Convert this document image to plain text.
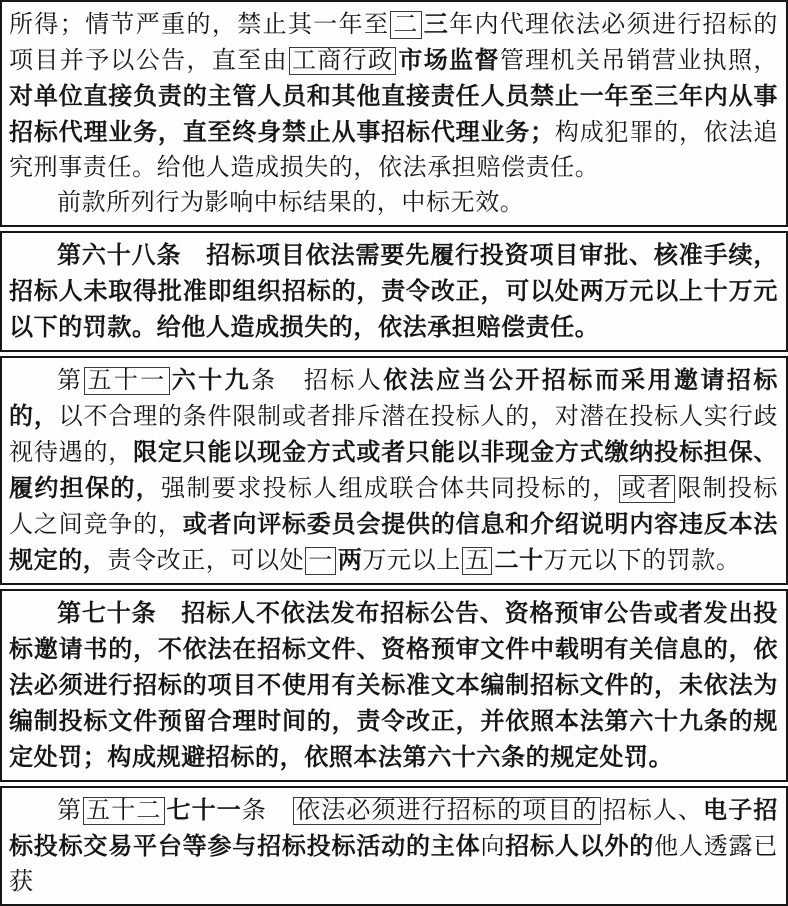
所得；情节严重的，禁止其一年至 二 三年内代理依法必须进行招标的项目并予以公告，直至由 工商行政 市场监督管理机关吊销营业执照，对单位直接负责的主管人员和其他直接责任人员禁止一年至三年内从事招标代理业务，直至终身禁止从事招标代理业务；构成犯罪的，依法追究刑事责任。给他人造成损失的，依法承担赔偿责任。

前款所列行为影响中标结果的，中标无效。

第六十八条　招标项目依法需要先履行投资项目审批、核准手续，招标人未取得批准即组织招标的，责令改正，可以处两万元以上十万元以下的罚款。给他人造成损失的，依法承担赔偿责任。

第 五十一 六十九条　招标人依法应当公开招标而采用邀请招标的，以不合理的条件限制或者排斥潜在投标人的，对潜在投标人实行歧视待遇的，限定只能以现金方式或者只能以非现金方式缴纳投标担保、履约担保的，强制要求投标人组成联合体共同投标的， 或者 限制投标人之间竞争的，或者向评标委员会提供的信息和介绍说明内容违反本法规定的，责令改正，可以处 一 两万元以上 五 二十万元以下的罚款。

第七十条　招标人不依法发布招标公告、资格预审公告或者发出投标邀请书的，不依法在招标文件、资格预审文件中载明有关信息的，依法必须进行招标的项目不使用有关标准文本编制招标文件的，未依法为编制投标文件预留合理时间的，责令改正，并依照本法第六十九条的规定处罚；构成规避招标的，依照本法第六十六条的规定处罚。

第 五十二 七十一条　依法必须进行招标的项目的 招标人、电子招标投标交易平台等参与招标投标活动的主体向招标人以外的他人透露已获
